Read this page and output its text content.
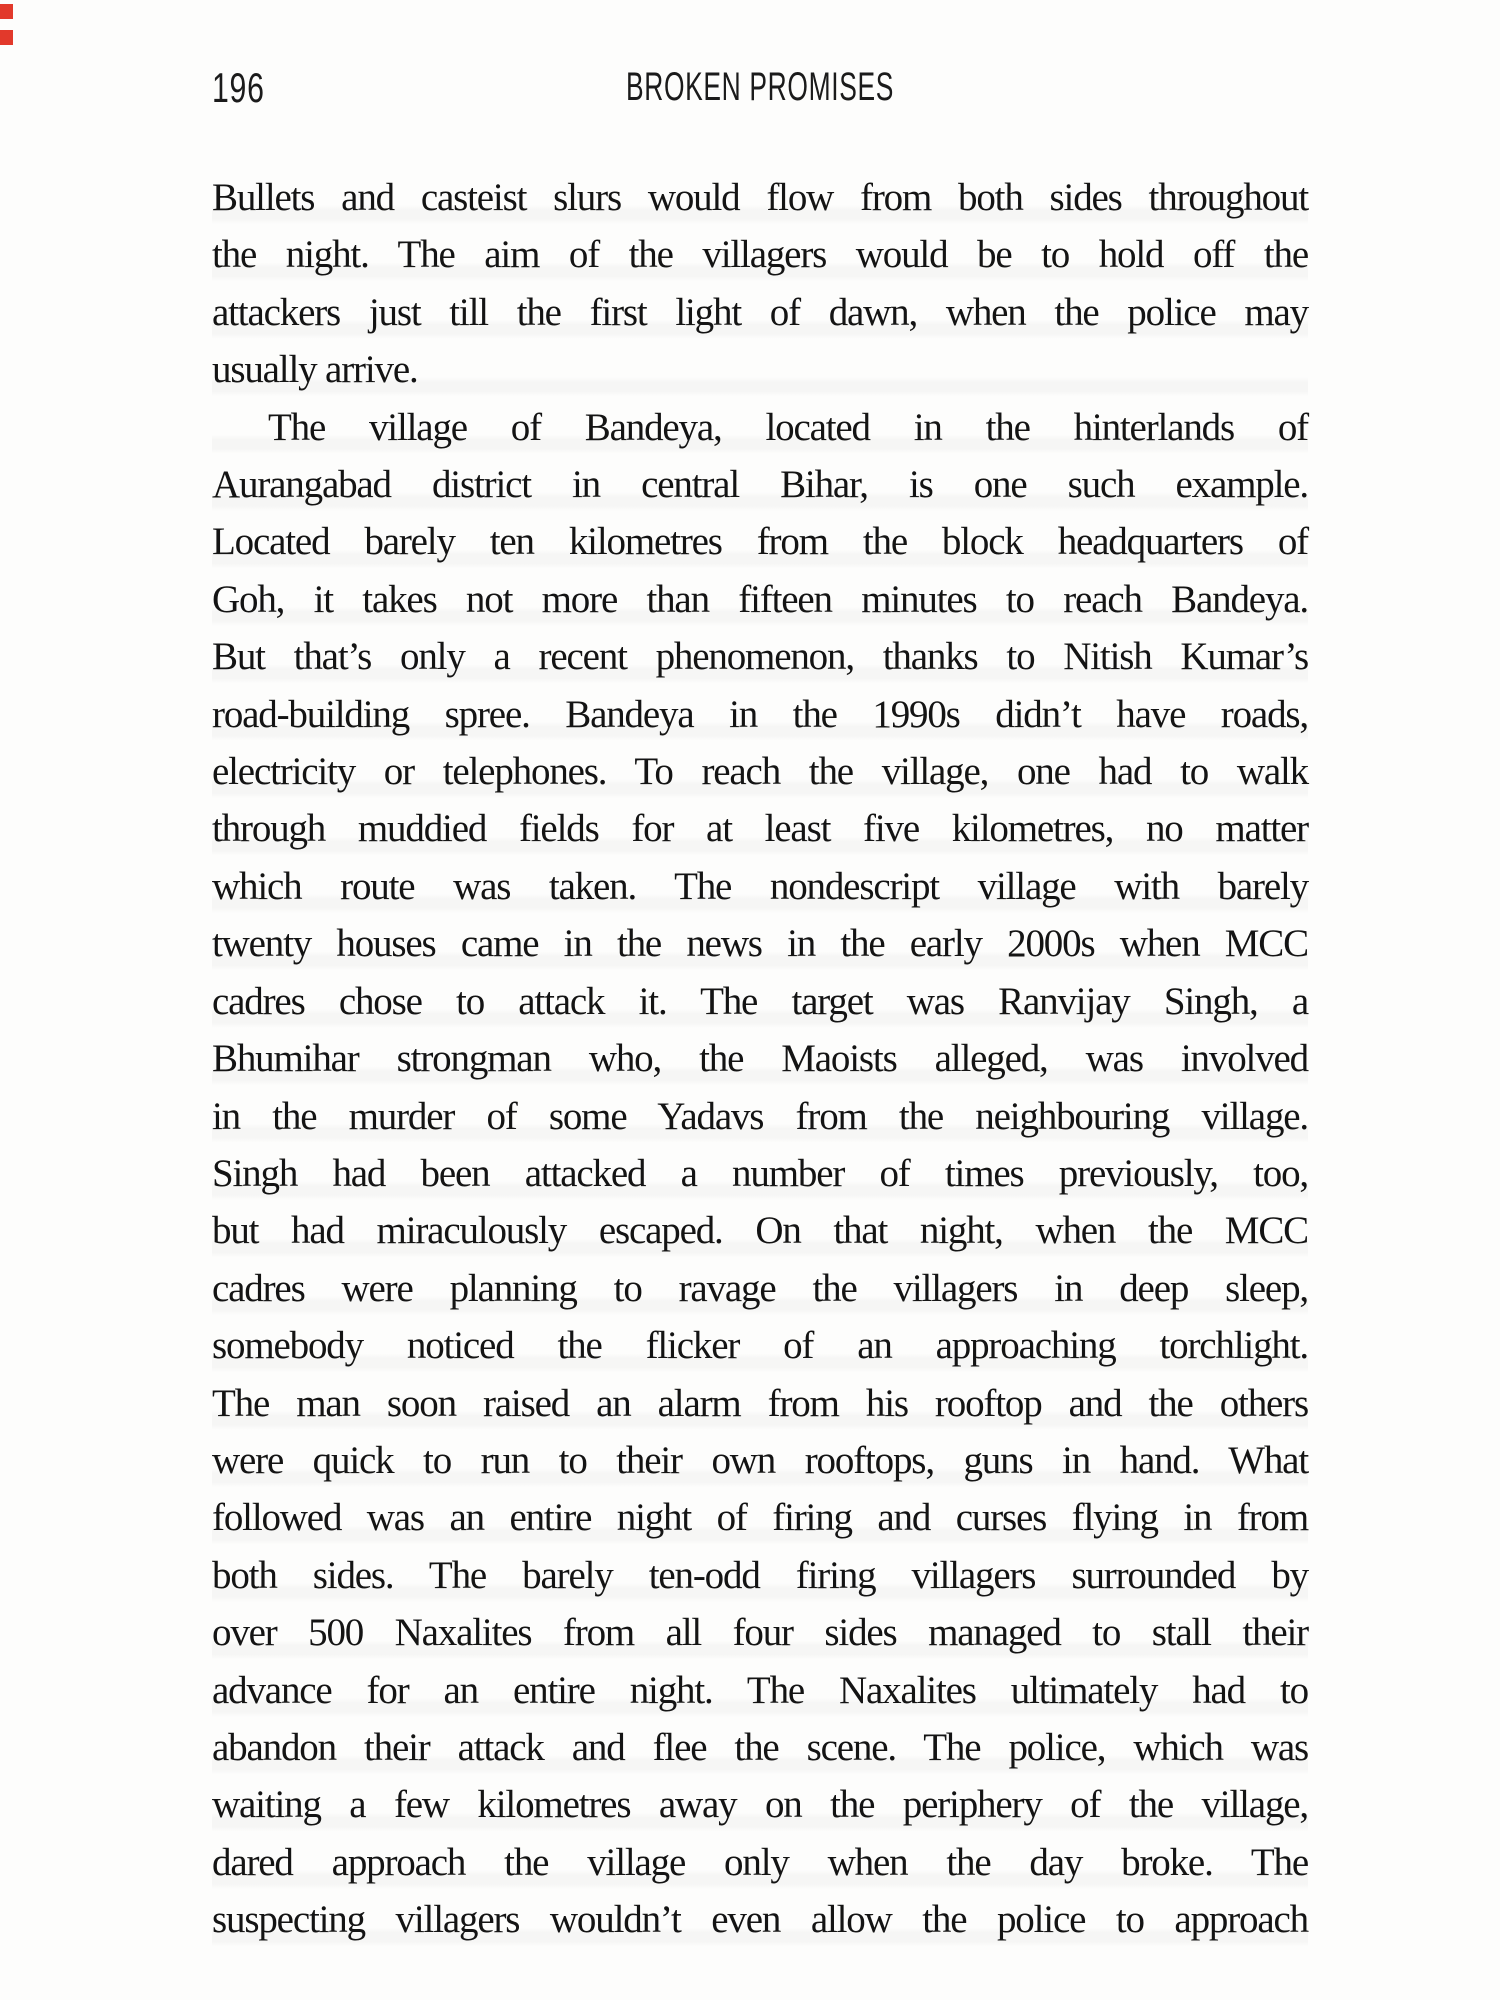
196	BROKEN PROMISES
Bullets and casteist slurs would flow from both sides throughout
the night. The aim of the villagers would be to hold off the
attackers just till the first light of dawn, when the police may
usually arrive.
The village of Bandeya, located in the hinterlands of
Aurangabad district in central Bihar, is one such example.
Located barely ten kilometres from the block headquarters of
Goh, it takes not more than fifteen minutes to reach Bandeya.
But that’s only a recent phenomenon, thanks to Nitish Kumar’s
road-building spree. Bandeya in the 1990s didn’t have roads,
electricity or telephones. To reach the village, one had to walk
through muddied fields for at least five kilometres, no matter
which route was taken. The nondescript village with barely
twenty houses came in the news in the early 2000s when MCC
cadres chose to attack it. The target was Ranvijay Singh, a
Bhumihar strongman who, the Maoists alleged, was involved
in the murder of some Yadavs from the neighbouring village.
Singh had been attacked a number of times previously, too,
but had miraculously escaped. On that night, when the MCC
cadres were planning to ravage the villagers in deep sleep,
somebody noticed the flicker of an approaching torchlight.
The man soon raised an alarm from his rooftop and the others
were quick to run to their own rooftops, guns in hand. What
followed was an entire night of firing and curses flying in from
both sides. The barely ten-odd firing villagers surrounded by
over 500 Naxalites from all four sides managed to stall their
advance for an entire night. The Naxalites ultimately had to
abandon their attack and flee the scene. The police, which was
waiting a few kilometres away on the periphery of the village,
dared approach the village only when the day broke. The
suspecting villagers wouldn’t even allow the police to approach
